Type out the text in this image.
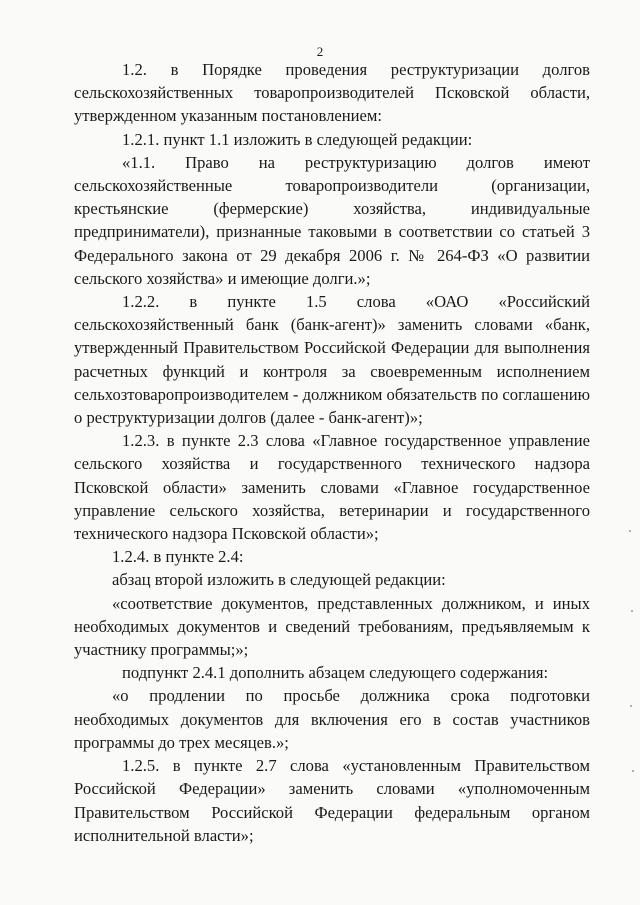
2

1.2. в Порядке проведения реструктуризации долгов сельскохозяйственных товаропроизводителей Псковской области, утвержденном указанным постановлением:

1.2.1. пункт 1.1 изложить в следующей редакции:

«1.1. Право на реструктуризацию долгов имеют сельскохозяйственные товаропроизводители (организации, крестьянские (фермерские) хозяйства, индивидуальные предприниматели), признанные таковыми в соответствии со статьей 3 Федерального закона от 29 декабря 2006 г. № 264-ФЗ «О развитии сельского хозяйства» и имеющие долги.»;

1.2.2. в пункте 1.5 слова «ОАО «Российский сельскохозяйственный банк (банк-агент)» заменить словами «банк, утвержденный Правительством Российской Федерации для выполнения расчетных функций и контроля за своевременным исполнением сельхозтоваропроизводителем - должником обязательств по соглашению о реструктуризации долгов (далее - банк-агент)»;

1.2.3. в пункте 2.3 слова «Главное государственное управление сельского хозяйства и государственного технического надзора Псковской области» заменить словами «Главное государственное управление сельского хозяйства, ветеринарии и государственного технического надзора Псковской области»;

1.2.4. в пункте 2.4:

абзац второй изложить в следующей редакции:

«соответствие документов, представленных должником, и иных необходимых документов и сведений требованиям, предъявляемым к участнику программы;»;

подпункт 2.4.1 дополнить абзацем следующего содержания:

«о продлении по просьбе должника срока подготовки необходимых документов для включения его в состав участников программы до трех месяцев.»;

1.2.5. в пункте 2.7 слова «установленным Правительством Российской Федерации» заменить словами «уполномоченным Правительством Российской Федерации федеральным органом исполнительной власти»;
